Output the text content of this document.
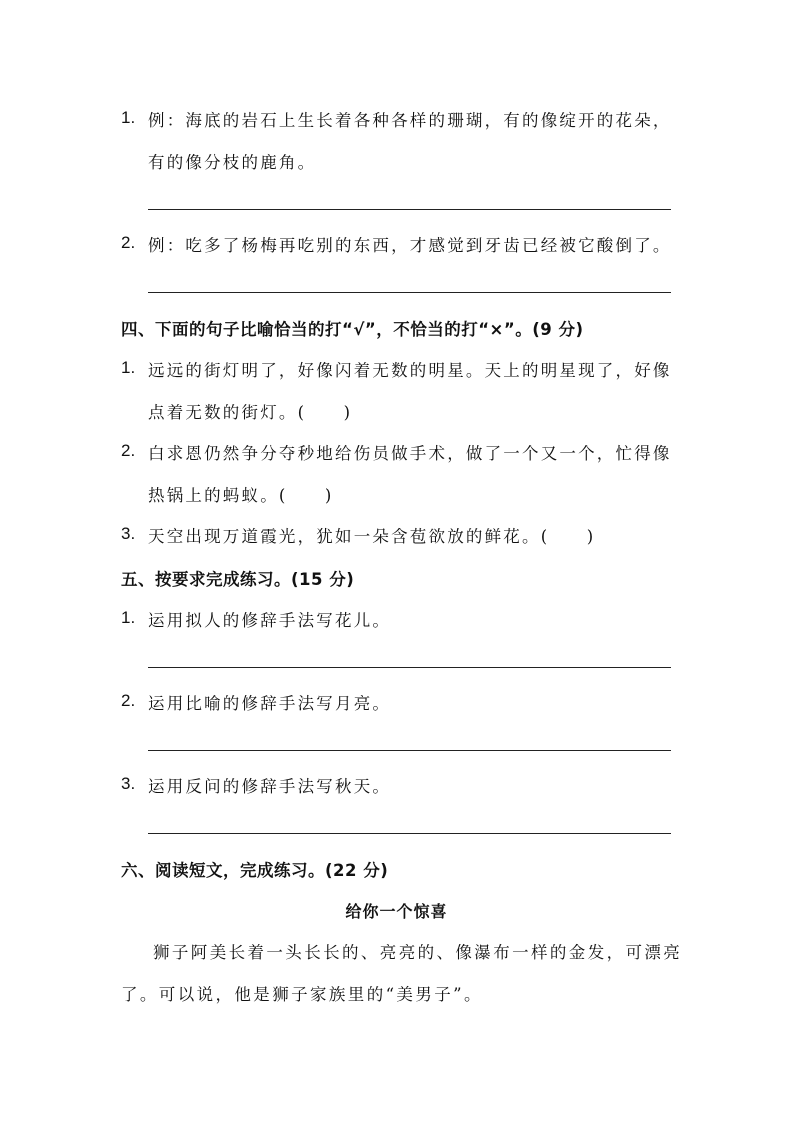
1. 例：海底的岩石上生长着各种各样的珊瑚，有的像绽开的花朵，
有的像分枝的鹿角。
2. 例：吃多了杨梅再吃别的东西，才感觉到牙齿已经被它酸倒了。
四、下面的句子比喻恰当的打“√”，不恰当的打“×”。(9 分)
1. 远远的街灯明了，好像闪着无数的明星。天上的明星现了，好像
点着无数的街灯。(　　)
2. 白求恩仍然争分夺秒地给伤员做手术，做了一个又一个，忙得像
热锅上的蚂蚁。(　　)
3. 天空出现万道霞光，犹如一朵含苞欲放的鲜花。(　　)
五、按要求完成练习。(15 分)
1. 运用拟人的修辞手法写花儿。
2. 运用比喻的修辞手法写月亮。
3. 运用反问的修辞手法写秋天。
六、阅读短文，完成练习。(22 分)
给你一个惊喜
狮子阿美长着一头长长的、亮亮的、像瀑布一样的金发，可漂亮
了。可以说，他是狮子家族里的“美男子”。
